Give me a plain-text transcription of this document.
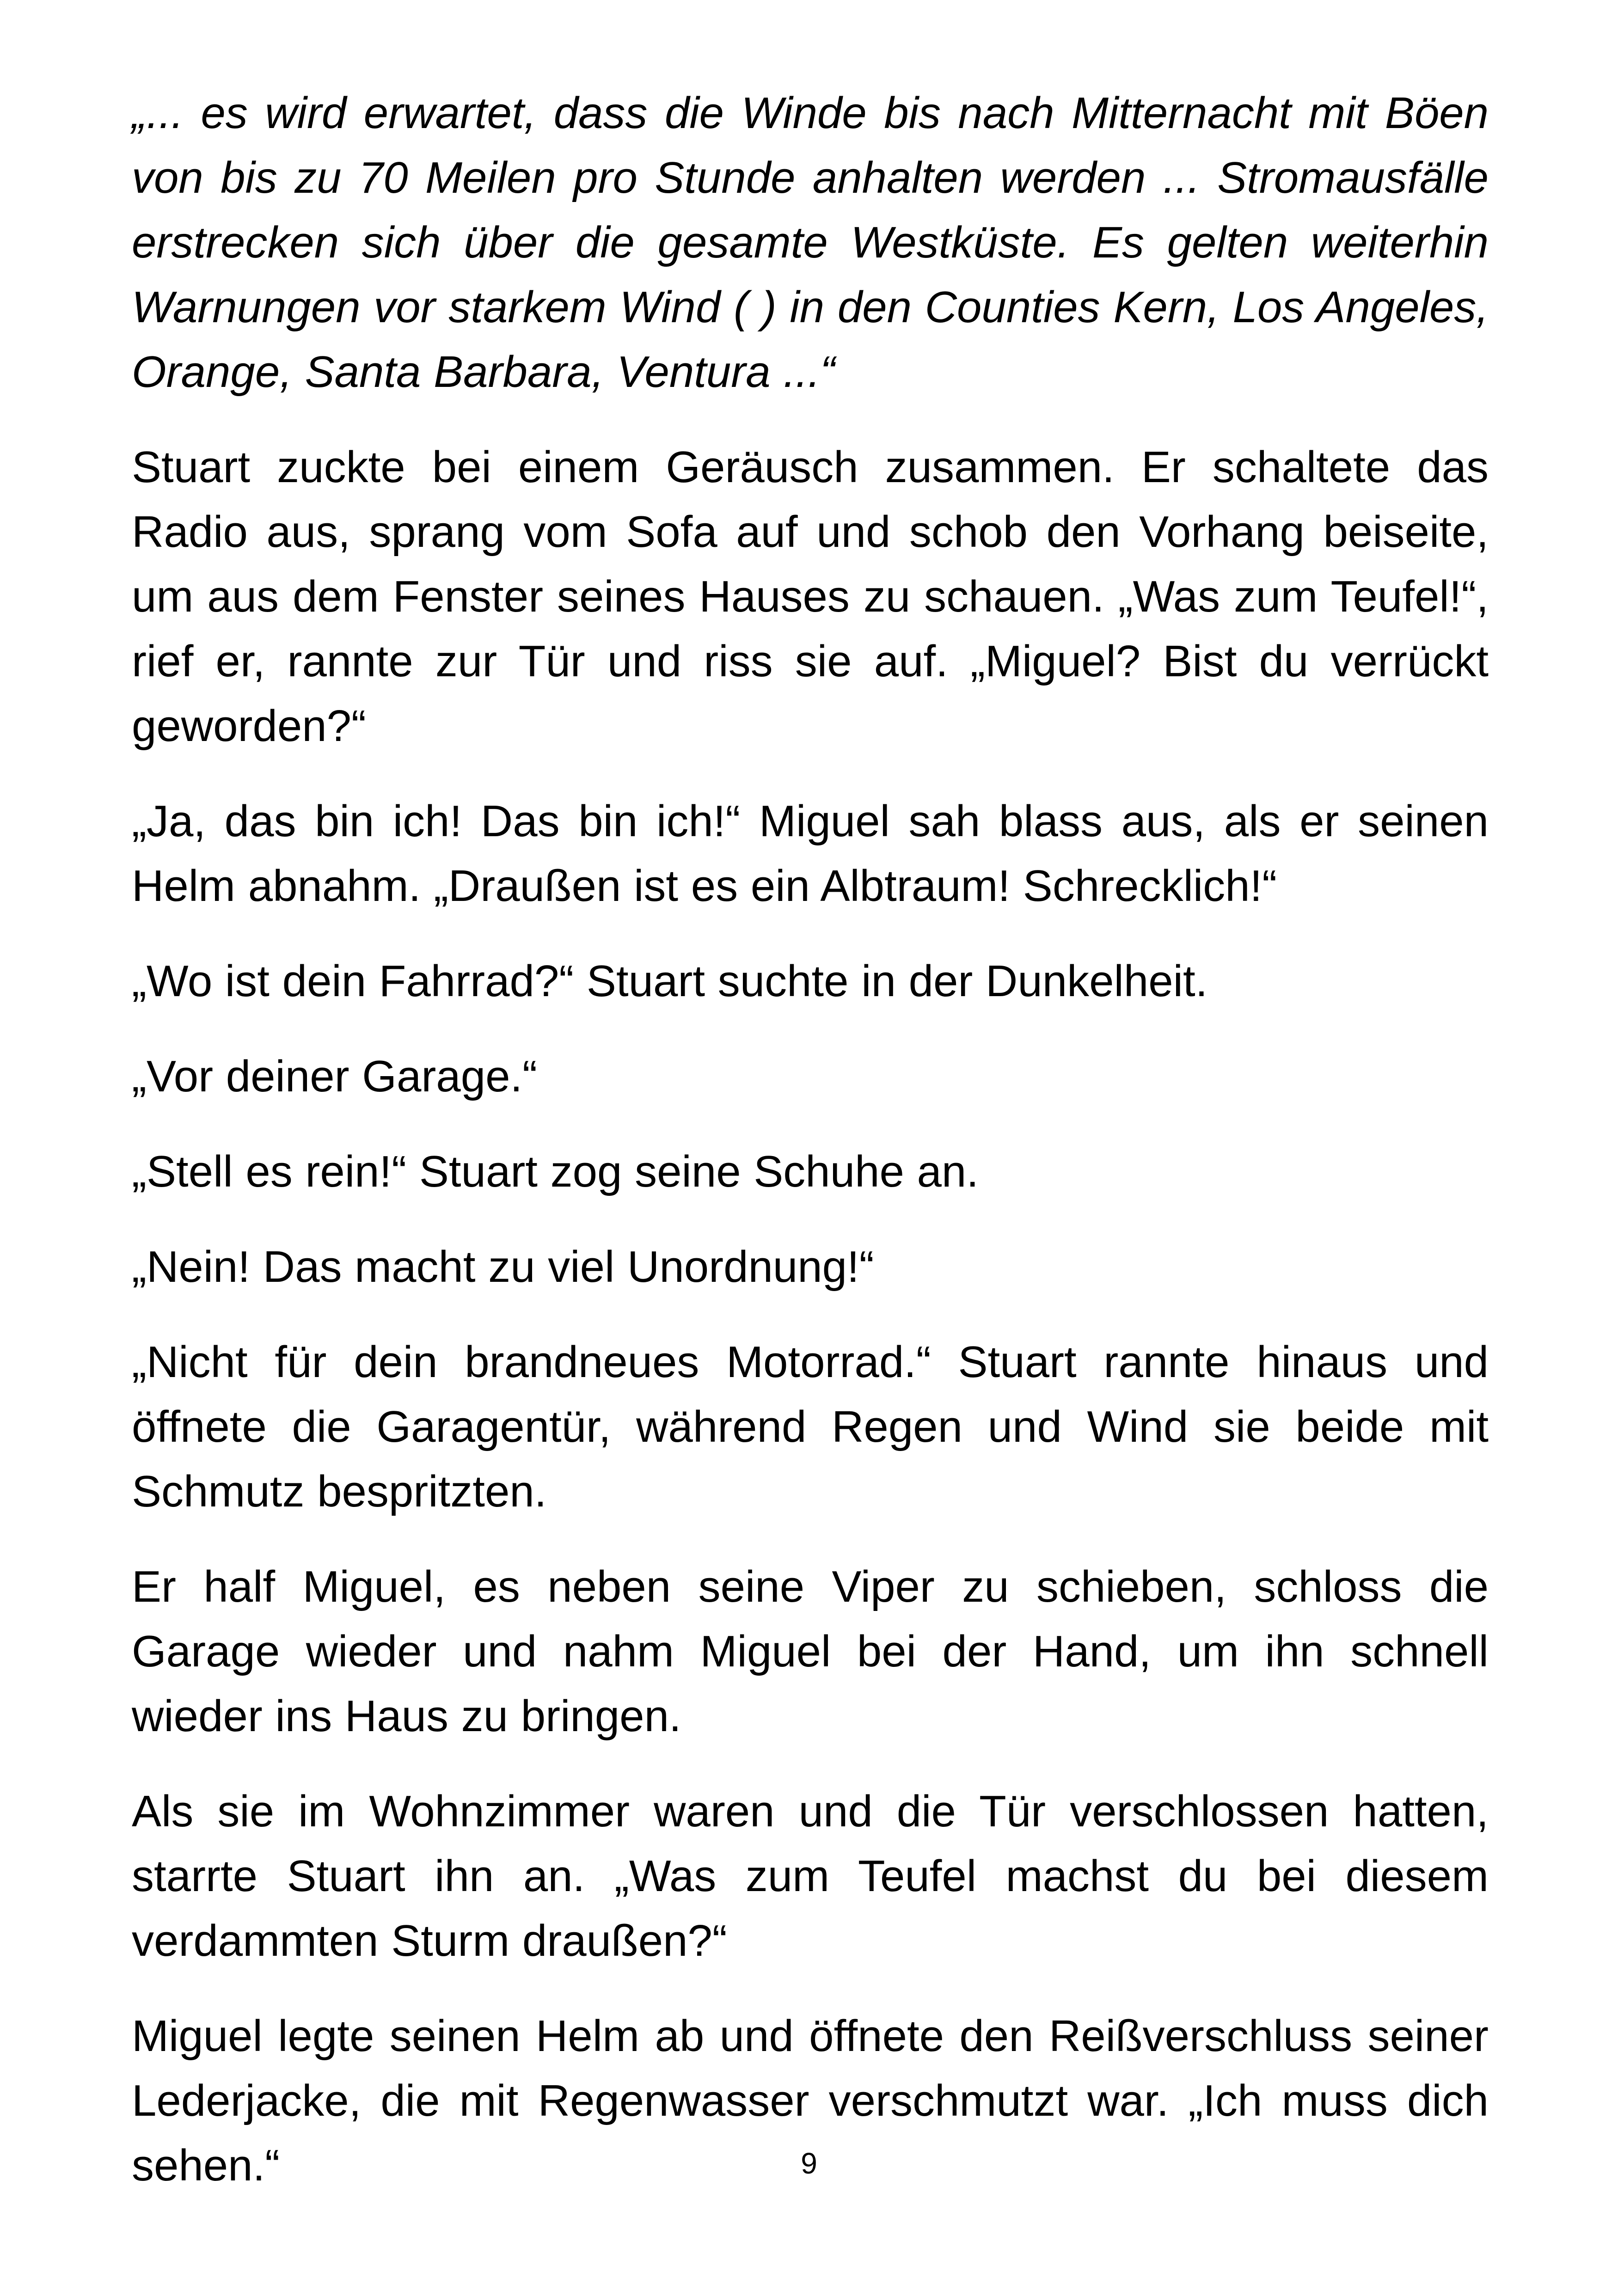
„... es wird erwartet, dass die Winde bis nach Mitternacht mit Böen von bis zu 70 Meilen pro Stunde anhalten werden ... Stromausfälle erstrecken sich über die gesamte Westküste. Es gelten weiterhin Warnungen vor starkem Wind ( ) in den Counties Kern, Los Angeles, Orange, Santa Barbara, Ventura ...“

Stuart zuckte bei einem Geräusch zusammen. Er schaltete das Radio aus, sprang vom Sofa auf und schob den Vorhang beiseite, um aus dem Fenster seines Hauses zu schauen. „Was zum Teufel!“, rief er, rannte zur Tür und riss sie auf. „Miguel? Bist du verrückt geworden?“

„Ja, das bin ich! Das bin ich!“ Miguel sah blass aus, als er seinen Helm abnahm. „Draußen ist es ein Albtraum! Schrecklich!“

„Wo ist dein Fahrrad?“ Stuart suchte in der Dunkelheit.

„Vor deiner Garage.“

„Stell es rein!“ Stuart zog seine Schuhe an.

„Nein! Das macht zu viel Unordnung!“

„Nicht für dein brandneues Motorrad.“ Stuart rannte hinaus und öffnete die Garagentür, während Regen und Wind sie beide mit Schmutz bespritzten.

Er half Miguel, es neben seine Viper zu schieben, schloss die Garage wieder und nahm Miguel bei der Hand, um ihn schnell wieder ins Haus zu bringen.

Als sie im Wohnzimmer waren und die Tür verschlossen hatten, starrte Stuart ihn an. „Was zum Teufel machst du bei diesem verdammten Sturm draußen?“

Miguel legte seinen Helm ab und öffnete den Reißverschluss seiner Lederjacke, die mit Regenwasser verschmutzt war. „Ich muss dich sehen.“	9
